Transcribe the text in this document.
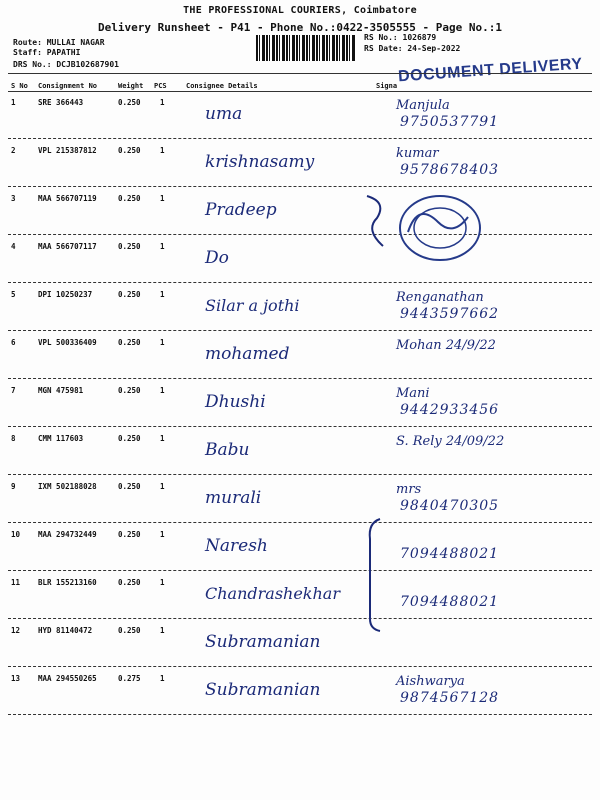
THE PROFESSIONAL COURIERS, Coimbatore
Delivery Runsheet - P41 - Phone No.:0422-3505555 - Page No.:1
Route: MULLAI NAGAR
Staff: PAPATHI
DRS No.: DCJB102687901
RS No.: 1026879
RS Date: 24-Sep-2022
DOCUMENT DELIVERY
S No Consignment No	Weight PCS	Consignee Details	Signa
1	SRE 366443	0.250	1
uma	Manjula
9750537791
2	VPL 215387812	0.250	1
krishnasamy	kumar
9578678403
3	MAA 566707119	0.250	1
Pradeep
4	MAA 566707117	0.250	1
Do
5	DPI 10250237	0.250	1
Silar a jothi	Renganathan
9443597662
6	VPL 500336409	0.250	1
mohamed	Mohan 24/9/22
7	MGN 475981	0.250	1
Dhushi	Mani
9442933456
8	CMM 117603	0.250	1
Babu	S. Rely 24/09/22
9	IXM 502188028	0.250	1
murali	mrs
9840470305
10 MAA 294732449	0.250	1
Naresh	7094488021
11 BLR 155213160	0.250	1
Chandrashekhar	7094488021
12 HYD 81140472	0.250	1
Subramanian
13 MAA 294550265	0.275	1
Subramanian	Aishwarya
9874567128
